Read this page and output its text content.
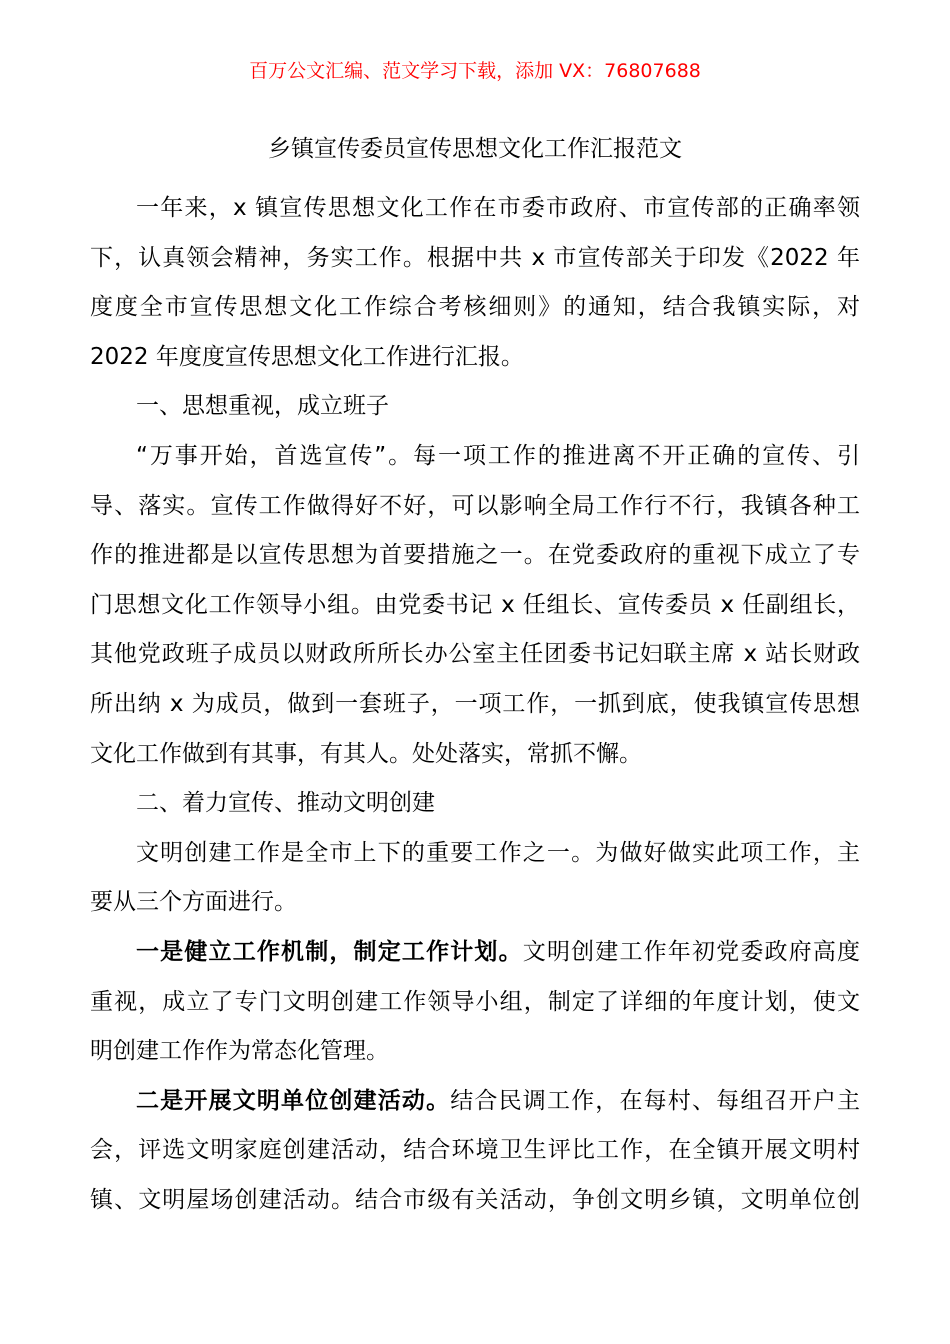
百万公文汇编、范文学习下载，添加 VX：76807688
乡镇宣传委员宣传思想文化工作汇报范文
一年来，x 镇宣传思想文化工作在市委市政府、市宣传部的正确率领
下，认真领会精神，务实工作。根据中共 x 市宣传部关于印发《2022 年
度度全市宣传思想文化工作综合考核细则》的通知，结合我镇实际，对
2022 年度度宣传思想文化工作进行汇报。
一、思想重视，成立班子
“万事开始，首选宣传”。每一项工作的推进离不开正确的宣传、引
导、落实。宣传工作做得好不好，可以影响全局工作行不行，我镇各种工
作的推进都是以宣传思想为首要措施之一。在党委政府的重视下成立了专
门思想文化工作领导小组。由党委书记 x 任组长、宣传委员 x 任副组长，
其他党政班子成员以财政所所长办公室主任团委书记妇联主席 x 站长财政
所出纳 x 为成员，做到一套班子，一项工作，一抓到底，使我镇宣传思想
文化工作做到有其事，有其人。处处落实，常抓不懈。
二、着力宣传、推动文明创建
文明创建工作是全市上下的重要工作之一。为做好做实此项工作，主
要从三个方面进行。
一是健立工作机制，制定工作计划。文明创建工作年初党委政府高度
重视，成立了专门文明创建工作领导小组，制定了详细的年度计划，使文
明创建工作作为常态化管理。
二是开展文明单位创建活动。结合民调工作，在每村、每组召开户主
会，评选文明家庭创建活动，结合环境卫生评比工作，在全镇开展文明村
镇、文明屋场创建活动。结合市级有关活动，争创文明乡镇，文明单位创
